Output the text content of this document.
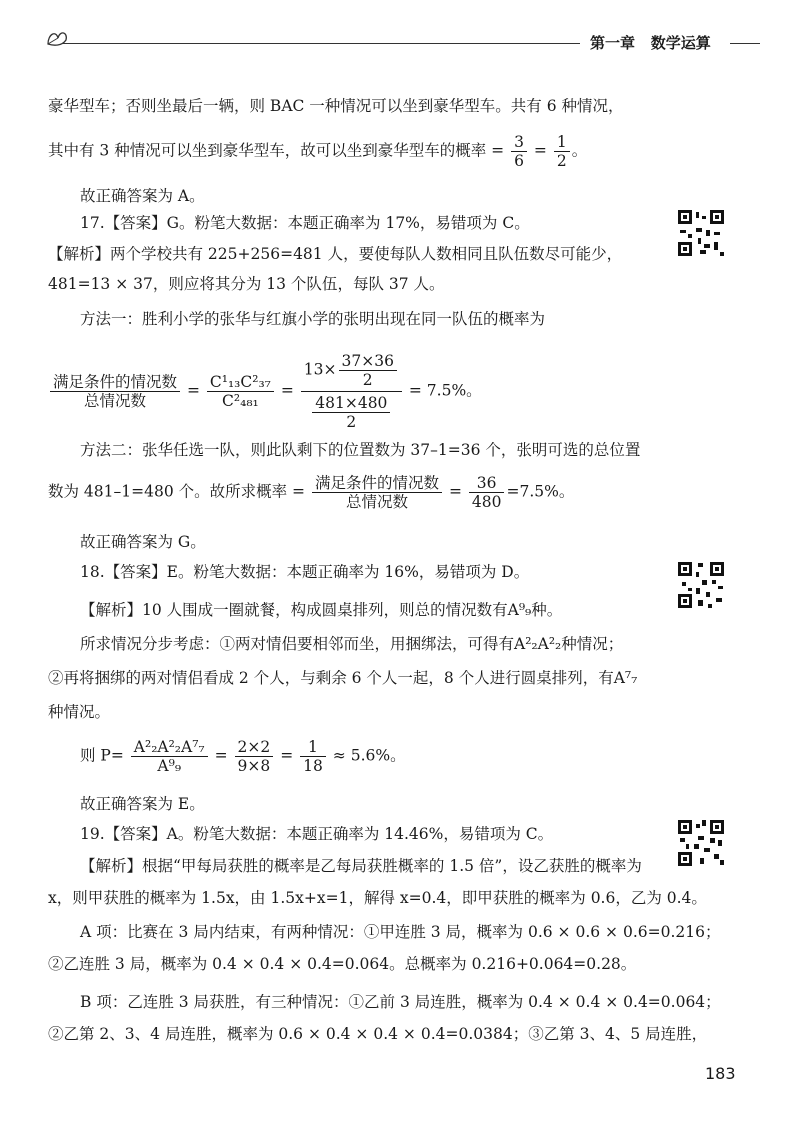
第一章 数学运算
豪华型车；否则坐最后一辆，则 BAC 一种情况可以坐到豪华型车。共有 6 种情况，
其中有 3 种情况可以坐到豪华型车，故可以坐到豪华型车的概率 = $\frac{3}{6} = \frac{1}{2}$ 。
故正确答案为 A。
17.【答案】G。粉笔大数据：本题正确率为 17%，易错项为 C。
【解析】两个学校共有 225+256=481 人，要使每队人数相同且队伍数尽可能少，
481=13 × 37，则应将其分为 13 个队伍，每队 37 人。
方法一：胜利小学的张华与红旗小学的张明出现在同一队伍的概率为
$\frac{\text{满足条件的情况数}}{\text{总情况数}} = \frac{\text{C¹₁₃C²₃₇}}{\text{C²₄₈₁}} = \frac{13\times \frac{37\times 36}{2}}{\frac{481\times 480}{2}} = 7.5\%$。
方法二：张华任选一队，则此队剩下的位置数为 37–1=36 个，张明可选的总位置
数为 481–1=480 个。故所求概率 = $\frac{\text{满足条件的情况数}}{\text{总情况数}} = \frac{36}{480} =7.5\%$。
故正确答案为 G。
18.【答案】E。粉笔大数据：本题正确率为 16%，易错项为 D。
【解析】10 人围成一圈就餐，构成圆桌排列，则总的情况数有A⁹₉种。
所求情况分步考虑：①两对情侣要相邻而坐，用捆绑法，可得有A²₂A²₂种情况；
②再将捆绑的两对情侣看成 2 个人，与剩余 6 个人一起，8 个人进行圆桌排列，有A⁷₇
种情况。
则 $P= \frac{\text{A²₂A²₂A⁷₇}}{\text{A⁹₉}} = \frac{2\times 2}{9\times 8} = \frac{1}{18} \approx 5.6\%$。
故正确答案为 E。
19.【答案】A。粉笔大数据：本题正确率为 14.46%，易错项为 C。
【解析】根据“甲每局获胜的概率是乙每局获胜概率的 1.5 倍”，设乙获胜的概率为
x，则甲获胜的概率为 1.5x，由 1.5x+x=1，解得 x=0.4，即甲获胜的概率为 0.6，乙为 0.4。
A 项：比赛在 3 局内结束，有两种情况：①甲连胜 3 局，概率为 0.6 × 0.6 × 0.6=0.216；
②乙连胜 3 局，概率为 0.4 × 0.4 × 0.4=0.064。总概率为 0.216+0.064=0.28。
B 项：乙连胜 3 局获胜，有三种情况：①乙前 3 局连胜，概率为 0.4 × 0.4 × 0.4=0.064；
②乙第 2、3、4 局连胜，概率为 0.6 × 0.4 × 0.4 × 0.4=0.0384；③乙第 3、4、5 局连胜，
183
